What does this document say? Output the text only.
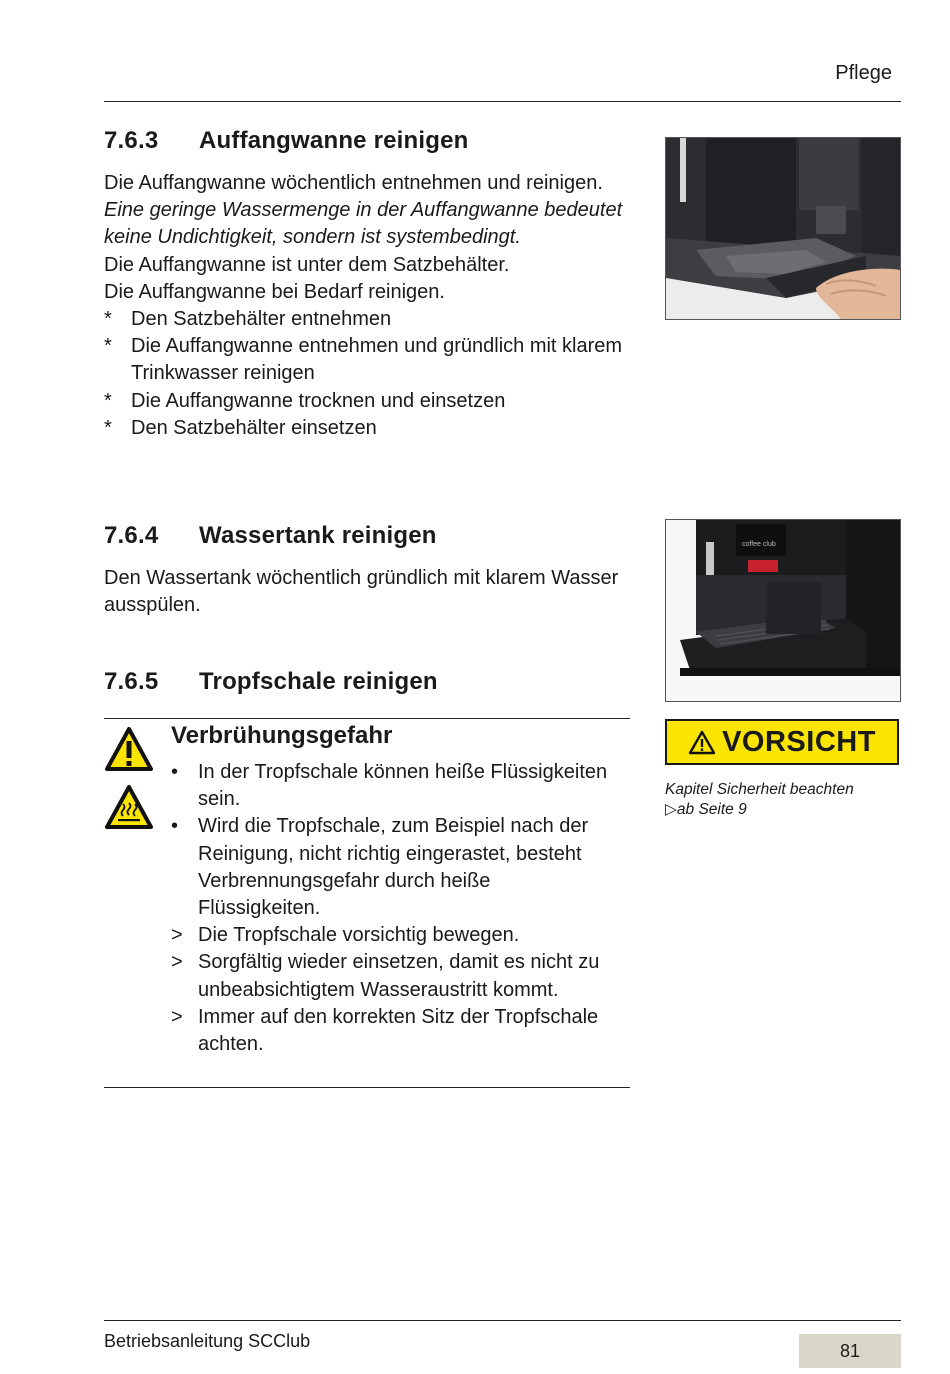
Pflege
7.6.3 Auffangwanne reinigen

Die Auffangwanne wöchentlich entnehmen und reinigen.

Eine geringe Wassermenge in der Auffangwanne bedeutet keine Undichtigkeit, sondern ist systembedingt.

Die Auffangwanne ist unter dem Satzbehälter.

Die Auffangwanne bei Bedarf reinigen.

* Den Satzbehälter entnehmen
* Die Auffangwanne entnehmen und gründlich mit klarem Trinkwasser reinigen
* Die Auffangwanne trocknen und einsetzen
* Den Satzbehälter einsetzen
7.6.4 Wassertank reinigen

Den Wassertank wöchentlich gründlich mit klarem Wasser ausspülen.

coffee club
7.6.5 Tropfschale reinigen
Verbrühungsgefahr
• In der Tropfschale können heiße Flüssigkeiten sein.
• Wird die Tropfschale, zum Beispiel nach der Reinigung, nicht richtig eingerastet, besteht Verbrennungsgefahr durch heiße Flüssigkeiten.
> Die Tropfschale vorsichtig bewegen.
> Sorgfältig wieder einsetzen, damit es nicht zu unbeabsichtigtem Wasseraustritt kommt.
> Immer auf den korrekten Sitz der Tropfschale achten.
VORSICHT
Kapitel Sicherheit beachten
▷ab Seite 9
Betriebsanleitung SCClub	81
